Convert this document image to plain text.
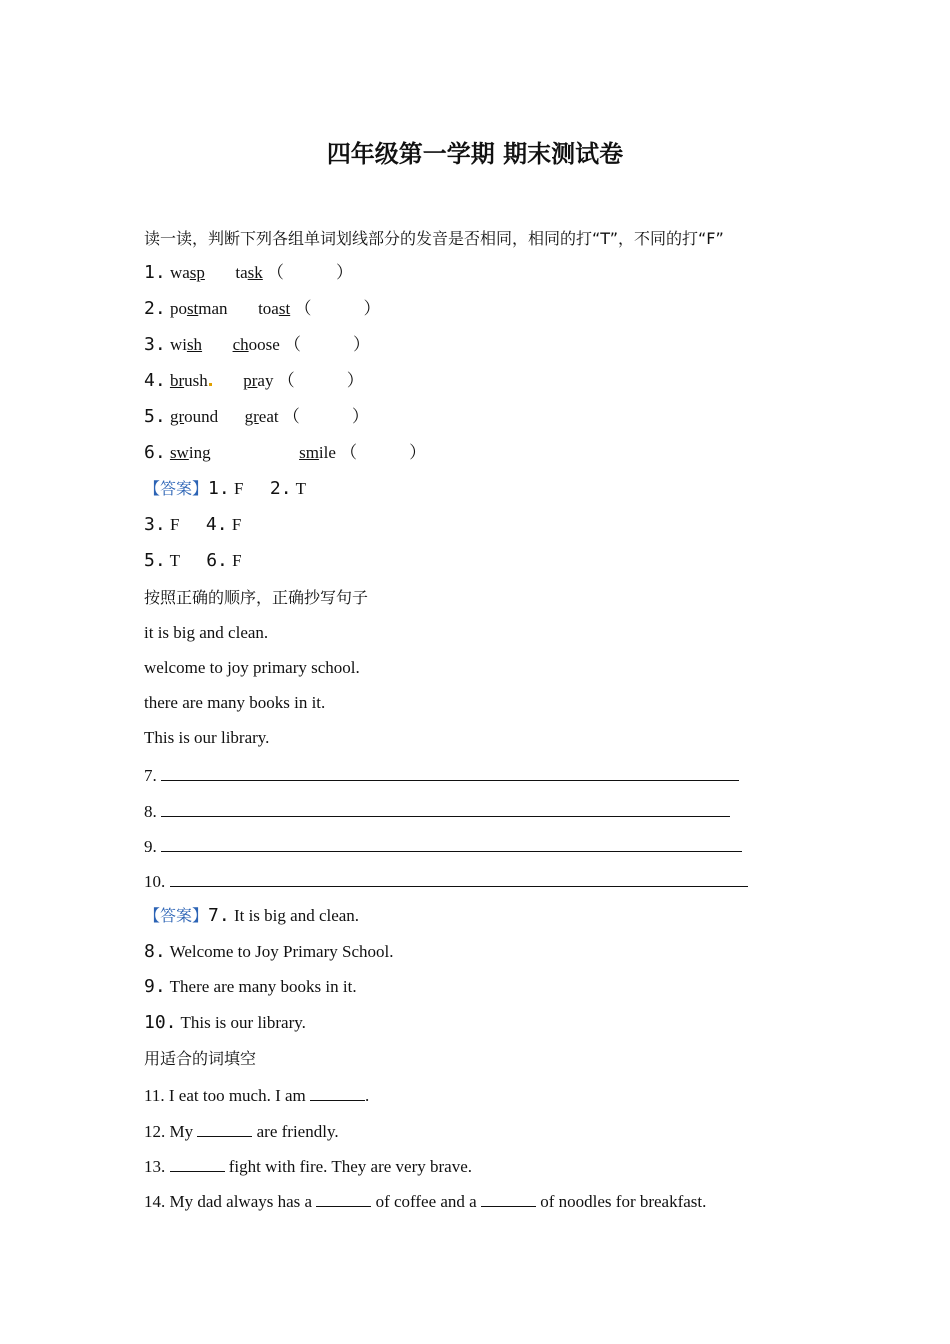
四年级第一学期 期末测试卷
读一读，判断下列各组单词划线部分的发音是否相同，相同的打“T”，不同的打“F”
1. wasp task （	）
2. postman toast （	）
3. wish choose （	）
4. brush pray （	）
5. ground great （	）
6. swing	smile （	）
【答案】1. F 2. T
3. F 4. F
5. T 6. F
按照正确的顺序，正确抄写句子
it is big and clean.
welcome to joy primary school.
there are many books in it.
This is our library.
7.
8.
9.
10.
【答案】7. It is big and clean.
8. Welcome to Joy Primary School.
9. There are many books in it.
10. This is our library.
用适合的词填空
11. I eat too much. I am	.
12. My	are friendly.
13.	fight with fire. They are very brave.
14. My dad always has a	of coffee and a	of noodles for breakfast.
